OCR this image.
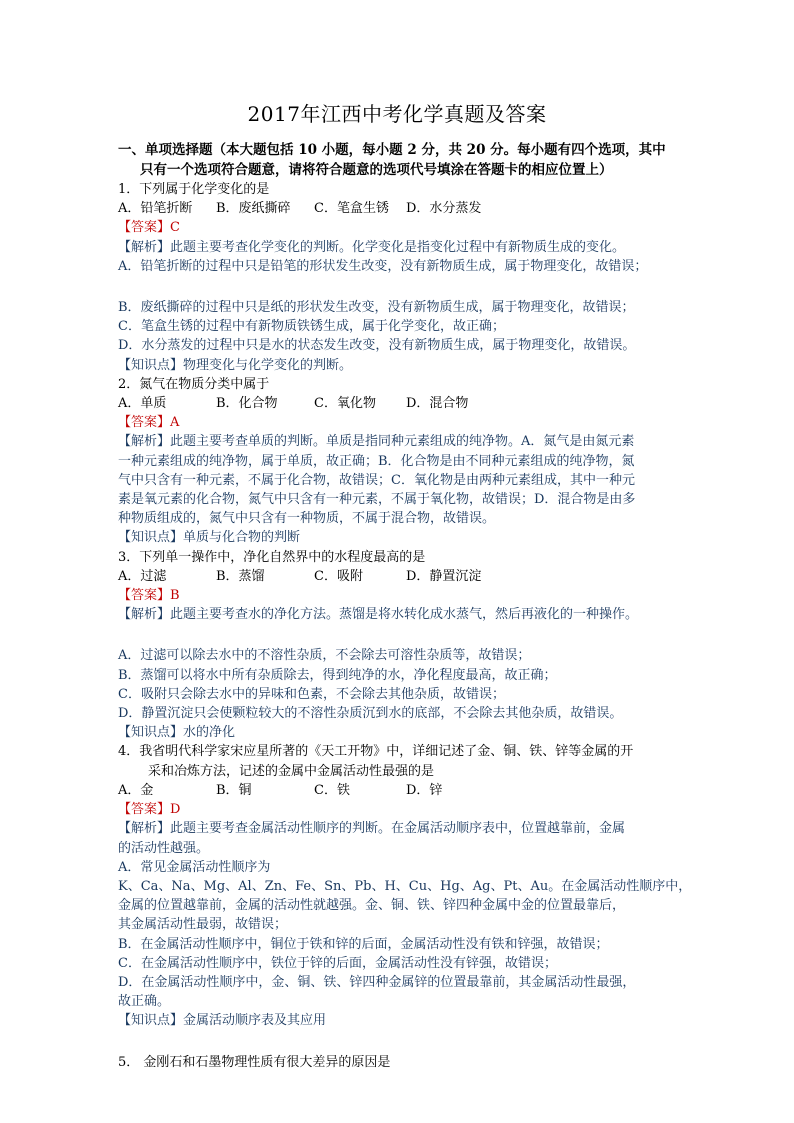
2017年江西中考化学真题及答案
一、单项选择题（本大题包括 10 小题，每小题 2 分，共 20 分。每小题有四个选项，其中
只有一个选项符合题意，请将符合题意的选项代号填涂在答题卡的相应位置上）
1．下列属于化学变化的是
A．铅笔折断 B．废纸撕碎 C．笔盒生锈 D．水分蒸发
【答案】C
【解析】此题主要考查化学变化的判断。化学变化是指变化过程中有新物质生成的变化。
A．铅笔折断的过程中只是铅笔的形状发生改变，没有新物质生成，属于物理变化，故错误；
B．废纸撕碎的过程中只是纸的形状发生改变，没有新物质生成，属于物理变化，故错误；
C．笔盒生锈的过程中有新物质铁锈生成，属于化学变化，故正确；
D．水分蒸发的过程中只是水的状态发生改变，没有新物质生成，属于物理变化，故错误。
【知识点】物理变化与化学变化的判断。
2．氮气在物质分类中属于
A．单质	B．化合物	C．氧化物 D．混合物
【答案】A
【解析】此题主要考查单质的判断。单质是指同种元素组成的纯净物。A．氮气是由氮元素
一种元素组成的纯净物，属于单质，故正确；B．化合物是由不同种元素组成的纯净物，氮
气中只含有一种元素，不属于化合物，故错误；C．氧化物是由两种元素组成，其中一种元
素是氧元素的化合物，氮气中只含有一种元素，不属于氧化物，故错误；D．混合物是由多
种物质组成的，氮气中只含有一种物质，不属于混合物，故错误。
【知识点】单质与化合物的判断
3．下列单一操作中，净化自然界中的水程度最高的是
A．过滤	B．蒸馏	C．吸附	D．静置沉淀
【答案】B
【解析】此题主要考查水的净化方法。蒸馏是将水转化成水蒸气，然后再液化的一种操作。
A．过滤可以除去水中的不溶性杂质，不会除去可溶性杂质等，故错误；
B．蒸馏可以将水中所有杂质除去，得到纯净的水，净化程度最高，故正确；
C．吸附只会除去水中的异味和色素，不会除去其他杂质，故错误；
D．静置沉淀只会使颗粒较大的不溶性杂质沉到水的底部，不会除去其他杂质，故错误。
【知识点】水的净化
4．我省明代科学家宋应星所著的《天工开物》中，详细记述了金、铜、铁、锌等金属的开
采和冶炼方法，记述的金属中金属活动性最强的是
A．金	B．铜	C．铁	D．锌
【答案】D
【解析】此题主要考查金属活动性顺序的判断。在金属活动顺序表中，位置越靠前，金属
的活动性越强。
A．常见金属活动性顺序为
K、Ca、Na、Mg、Al、Zn、Fe、Sn、Pb、H、Cu、Hg、Ag、Pt、Au。在金属活动性顺序中，
金属的位置越靠前，金属的活动性就越强。金、铜、铁、锌四种金属中金的位置最靠后，
其金属活动性最弱，故错误；
B．在金属活动性顺序中，铜位于铁和锌的后面，金属活动性没有铁和锌强，故错误；
C．在金属活动性顺序中，铁位于锌的后面，金属活动性没有锌强，故错误；
D．在金属活动性顺序中，金、铜、铁、锌四种金属锌的位置最靠前，其金属活动性最强，
故正确。
【知识点】金属活动顺序表及其应用
5． 金刚石和石墨物理性质有很大差异的原因是
